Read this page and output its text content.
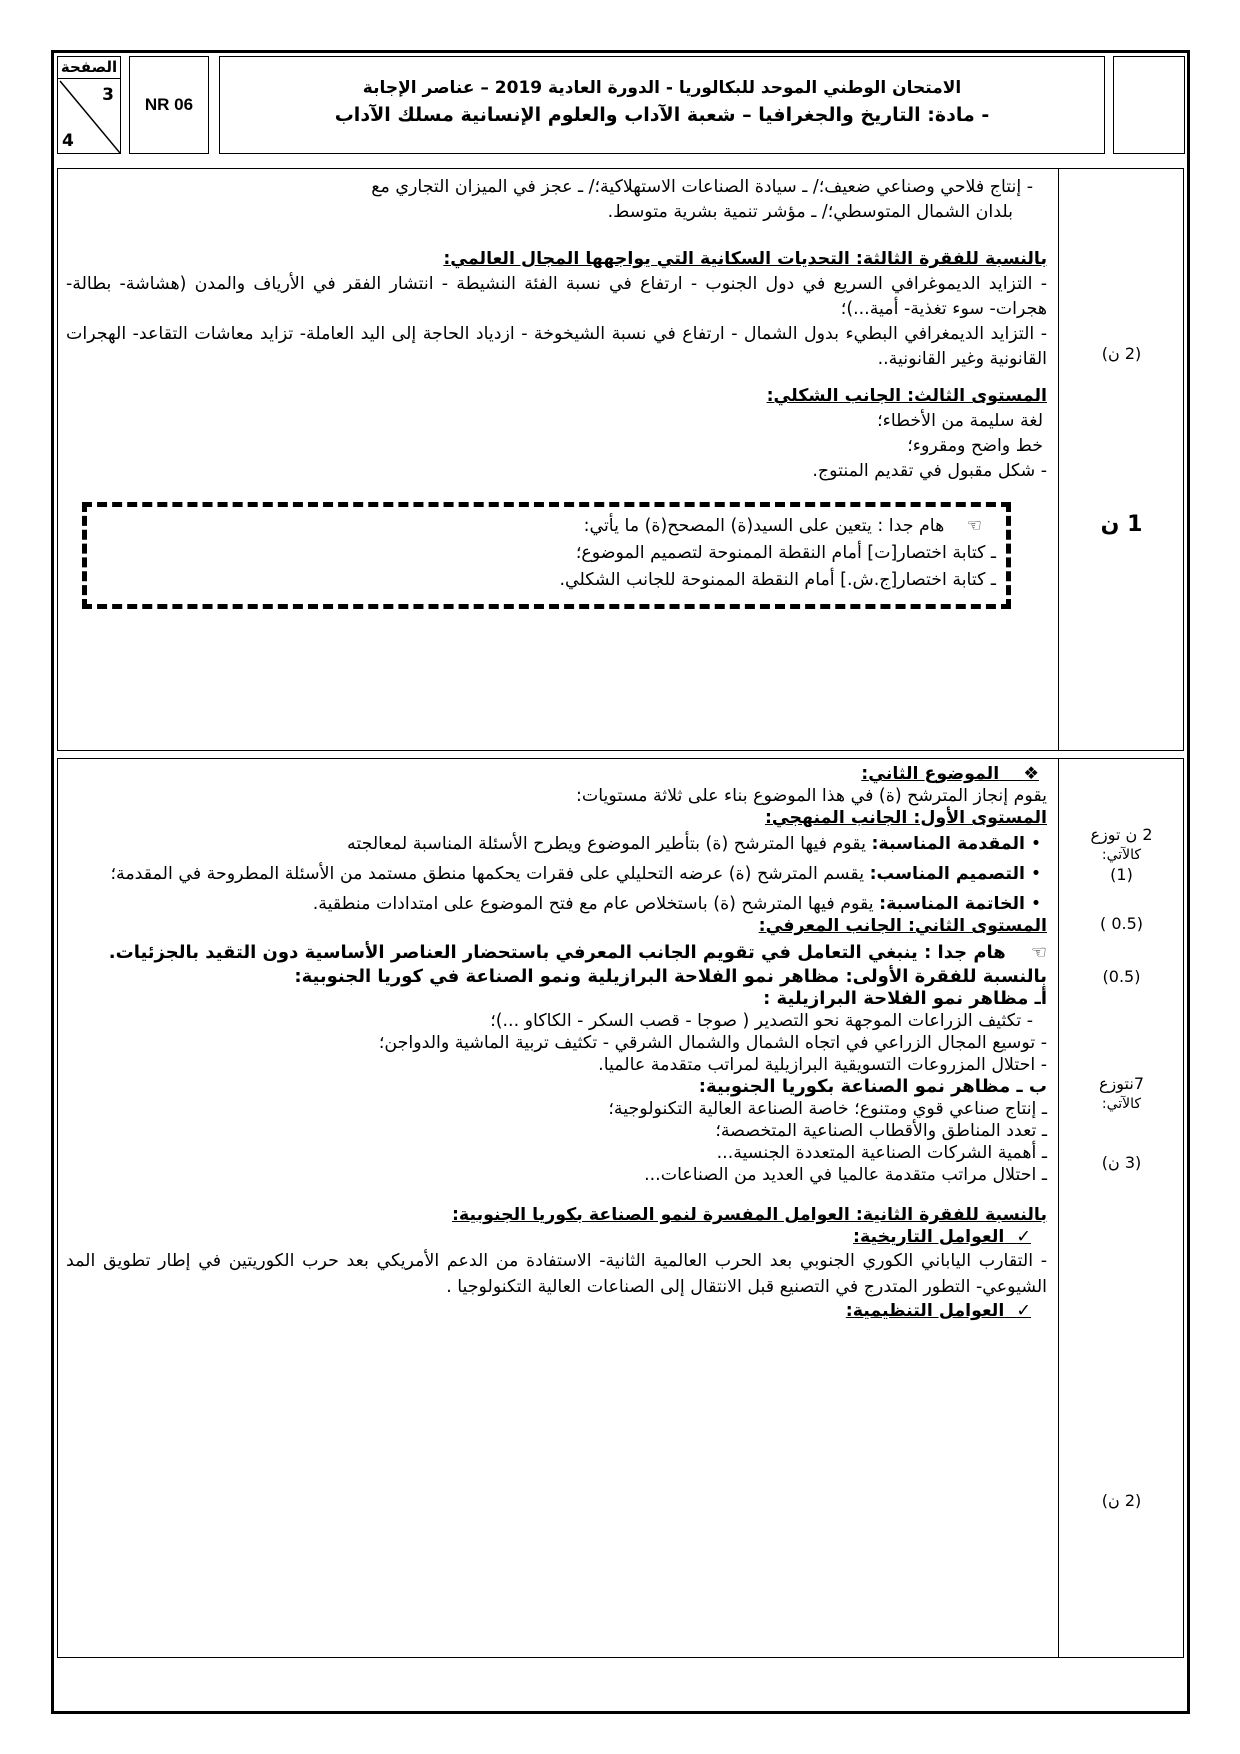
الصفحة
3
4
NR 06
الامتحان الوطني الموحد للبكالوريا - الدورة العادية 2019 – عناصر الإجابة
- مادة: التاريخ والجغرافيا – شعبة الآداب والعلوم الإنسانية مسلك الآداب

- إنتاج فلاحي وصناعي ضعيف؛/ ـ سيادة الصناعات الاستهلاكية؛/ ـ عجز في الميزان التجاري مع

بلدان الشمال المتوسطي؛/ ـ مؤشر تنمية بشرية متوسط.

بالنسبة للفقرة الثالثة: التحديات السكانية التي يواجهها المجال العالمي:

- التزايد الديموغرافي السريع في دول الجنوب - ارتفاع في نسبة الفئة النشيطة - انتشار الفقر في الأرياف والمدن (هشاشة- بطالة- هجرات- سوء تغذية- أمية...)؛

- التزايد الديمغرافي البطيء بدول الشمال - ارتفاع في نسبة الشيخوخة - ازدياد الحاجة إلى اليد العاملة- تزايد معاشات التقاعد- الهجرات القانونية وغير القانونية..

المستوى الثالث: الجانب الشكلي:

لغة سليمة من الأخطاء؛

خط واضح ومقروء؛

- شكل مقبول في تقديم المنتوج.

☜    هام جدا : يتعين على السيد(ة) المصحح(ة) ما يأتي:

ـ كتابة اختصار[ت] أمام النقطة الممنوحة لتصميم الموضوع؛

ـ كتابة اختصار[ج.ش.] أمام النقطة الممنوحة للجانب الشكلي.

(2 ن)
1 ن

❖    الموضوع الثاني:

يقوم إنجاز المترشح (ة) في هذا الموضوع بناء على ثلاثة مستويات:

المستوى الأول: الجانب المنهجي:

•
المقدمة المناسبة: يقوم فيها المترشح (ة) بتأطير الموضوع ويطرح الأسئلة المناسبة لمعالجته
•
التصميم المناسب: يقسم المترشح (ة) عرضه التحليلي على فقرات يحكمها منطق مستمد من الأسئلة المطروحة في المقدمة؛
•
الخاتمة المناسبة: يقوم فيها المترشح (ة) باستخلاص عام مع فتح الموضوع على امتدادات منطقية.

المستوى الثاني: الجانب المعرفي:

☜    هام جدا : ينبغي التعامل في تقويم الجانب المعرفي باستحضار العناصر الأساسية دون التقيد بالجزئيات.

بالنسبة للفقرة الأولى: مظاهر نمو الفلاحة البرازيلية ونمو الصناعة في كوريا الجنوبية:

أـ مظاهر نمو الفلاحة البرازيلية :

- تكثيف الزراعات الموجهة نحو التصدير ( صوجا - قصب السكر - الكاكاو ...)؛

- توسيع المجال الزراعي في اتجاه الشمال والشمال الشرقي - تكثيف تربية الماشية والدواجن؛

- احتلال المزروعات التسويقية البرازيلية لمراتب متقدمة عالميا.

ب ـ مظاهر نمو الصناعة بكوريا الجنوبية:

ـ إنتاج صناعي قوي ومتنوع؛ خاصة الصناعة العالية التكنولوجية؛

ـ تعدد المناطق والأقطاب الصناعية المتخصصة؛

ـ أهمية الشركات الصناعية المتعددة الجنسية...

ـ احتلال مراتب متقدمة عالميا في العديد من الصناعات...

بالنسبة للفقرة الثانية: العوامل المفسرة لنمو الصناعة بكوريا الجنوبية:

✓  العوامل التاريخية:

- التقارب الياباني الكوري الجنوبي بعد الحرب العالمية الثانية- الاستفادة من الدعم الأمريكي بعد حرب الكوريتين في إطار تطويق المد الشيوعي- التطور المتدرج في التصنيع قبل الانتقال إلى الصناعات العالية التكنولوجيا .

✓  العوامل التنظيمية:

2 ن توزع
كالآتي:
(1)
(0.5 )
(0.5)
7نتوزع
كالآتي:
(3 ن)
(2 ن)
